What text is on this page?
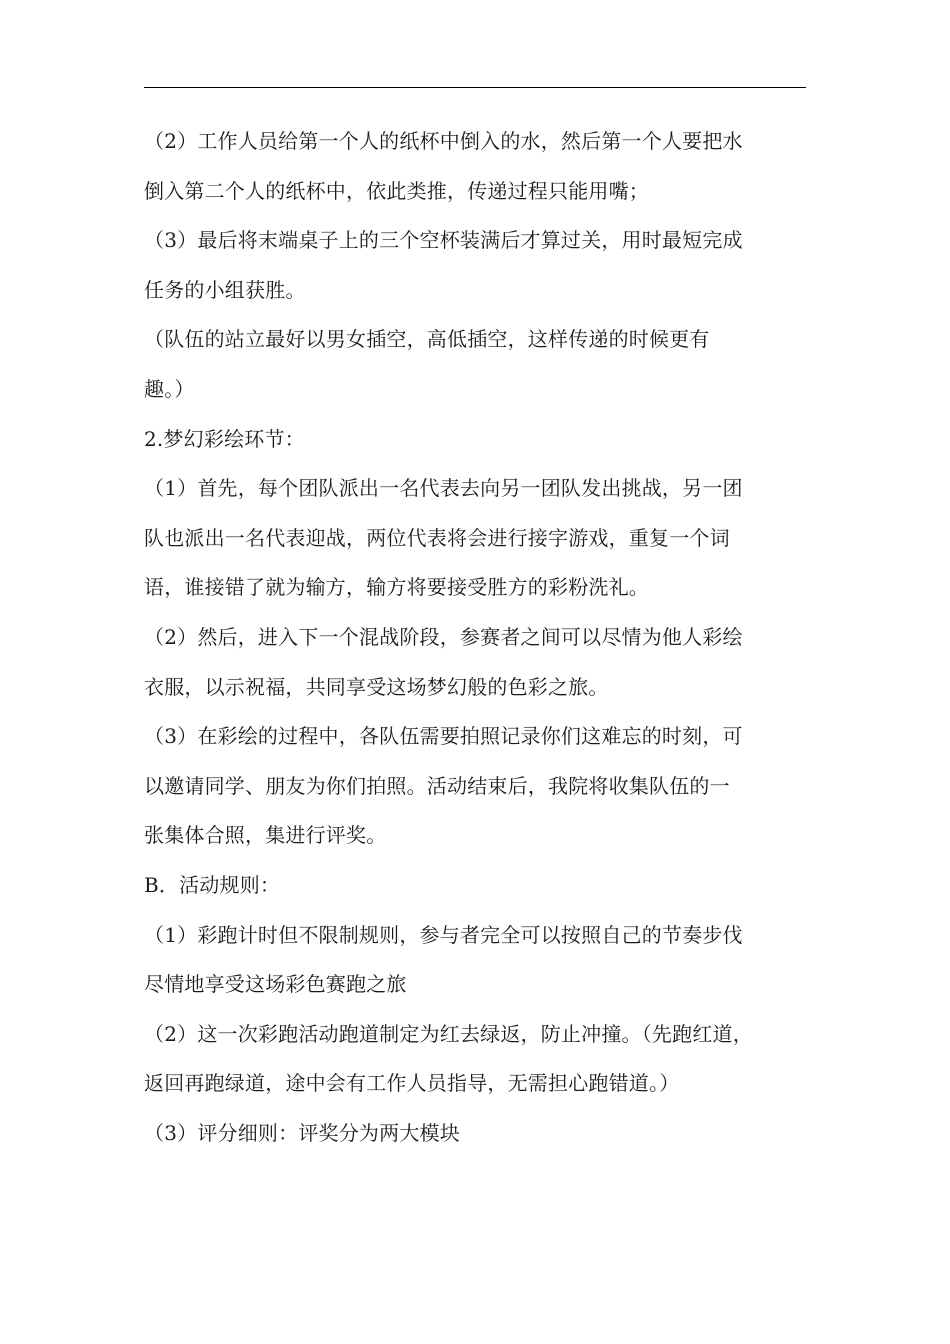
（2）工作人员给第一个人的纸杯中倒入的水，然后第一个人要把水
倒入第二个人的纸杯中，依此类推，传递过程只能用嘴；
（3）最后将末端桌子上的三个空杯装满后才算过关，用时最短完成
任务的小组获胜。
（队伍的站立最好以男女插空，高低插空，这样传递的时候更有
趣。）
2.梦幻彩绘环节：
（1）首先，每个团队派出一名代表去向另一团队发出挑战，另一团
队也派出一名代表迎战，两位代表将会进行接字游戏，重复一个词
语，谁接错了就为输方，输方将要接受胜方的彩粉洗礼。
（2）然后，进入下一个混战阶段，参赛者之间可以尽情为他人彩绘
衣服，以示祝福，共同享受这场梦幻般的色彩之旅。
（3）在彩绘的过程中，各队伍需要拍照记录你们这难忘的时刻，可
以邀请同学、朋友为你们拍照。活动结束后，我院将收集队伍的一
张集体合照，集进行评奖。
B．活动规则：
（1）彩跑计时但不限制规则，参与者完全可以按照自己的节奏步伐
尽情地享受这场彩色赛跑之旅
（2）这一次彩跑活动跑道制定为红去绿返，防止冲撞。（先跑红道，
返回再跑绿道，途中会有工作人员指导，无需担心跑错道。）
（3）评分细则：评奖分为两大模块
